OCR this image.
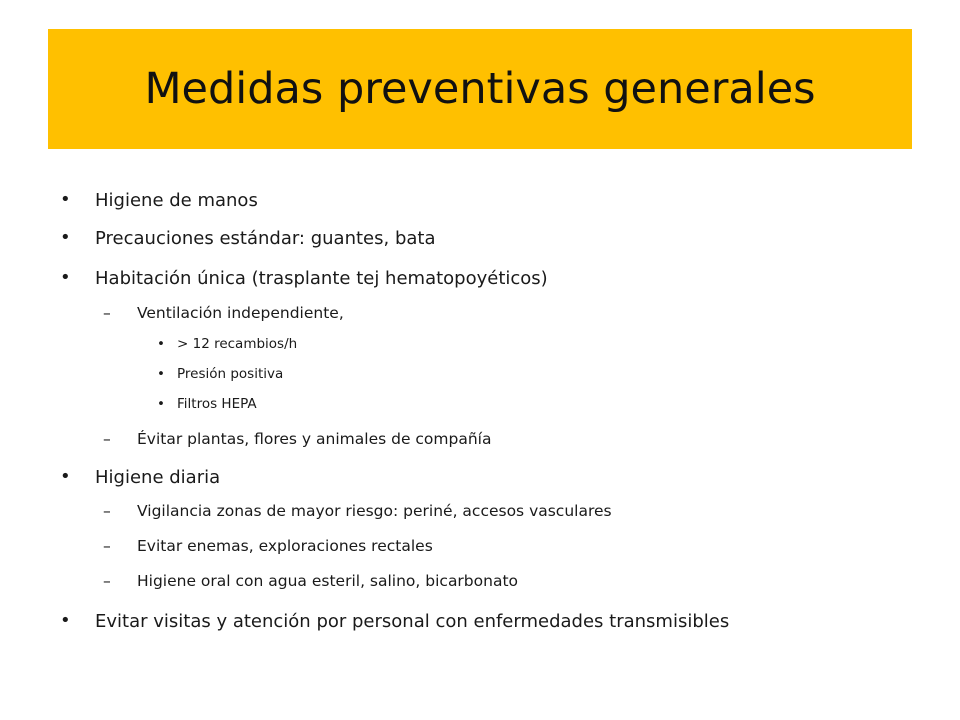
Medidas preventivas generales
• Higiene de manos
• Precauciones estándar: guantes, bata
• Habitación única (trasplante tej hematopoyéticos)
– Ventilación independiente,
• > 12 recambios/h
• Presión positiva
• Filtros HEPA
– Évitar plantas, flores y animales de compañía
• Higiene diaria
– Vigilancia zonas de mayor riesgo: periné, accesos vasculares
– Evitar enemas, exploraciones rectales
– Higiene oral con agua esteril, salino, bicarbonato
• Evitar visitas y atención por personal con enfermedades transmisibles
